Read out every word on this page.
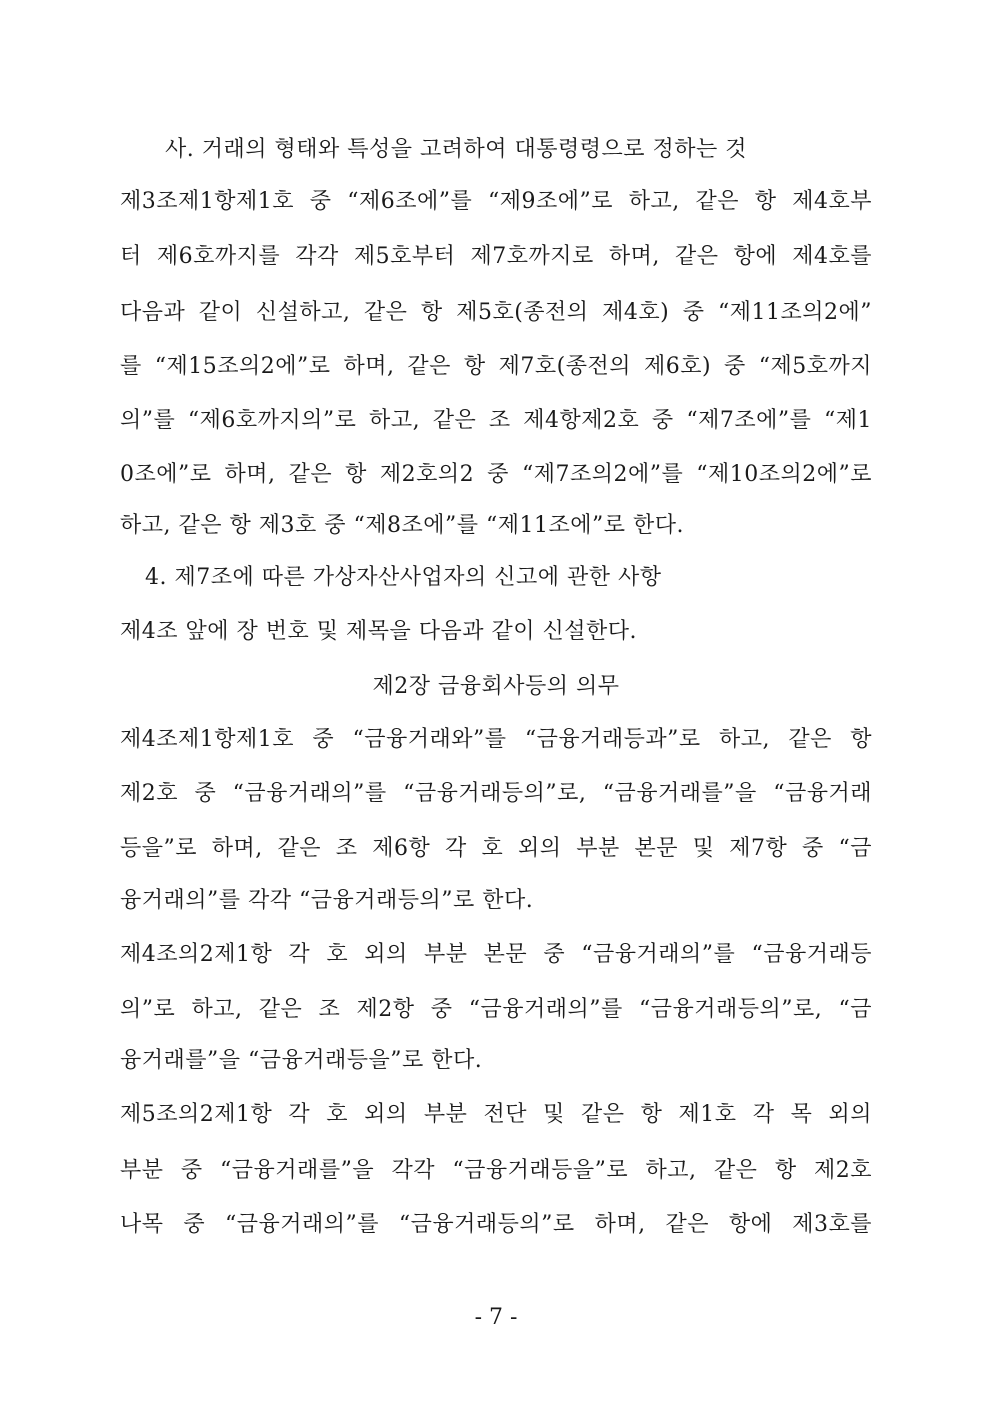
사. 거래의 형태와 특성을 고려하여 대통령령으로 정하는 것
제3조제1항제1호 중 “제6조에”를 “제9조에”로 하고, 같은 항 제4호부
터 제6호까지를 각각 제5호부터 제7호까지로 하며, 같은 항에 제4호를
다음과 같이 신설하고, 같은 항 제5호(종전의 제4호) 중 “제11조의2에”
를 “제15조의2에”로 하며, 같은 항 제7호(종전의 제6호) 중 “제5호까지
의”를 “제6호까지의”로 하고, 같은 조 제4항제2호 중 “제7조에”를 “제1
0조에”로 하며, 같은 항 제2호의2 중 “제7조의2에”를 “제10조의2에”로
하고, 같은 항 제3호 중 “제8조에”를 “제11조에”로 한다.
4. 제7조에 따른 가상자산사업자의 신고에 관한 사항
제4조 앞에 장 번호 및 제목을 다음과 같이 신설한다.
제2장 금융회사등의 의무
제4조제1항제1호 중 “금융거래와”를 “금융거래등과”로 하고, 같은 항
제2호 중 “금융거래의”를 “금융거래등의”로, “금융거래를”을 “금융거래
등을”로 하며, 같은 조 제6항 각 호 외의 부분 본문 및 제7항 중 “금
융거래의”를 각각 “금융거래등의”로 한다.
제4조의2제1항 각 호 외의 부분 본문 중 “금융거래의”를 “금융거래등
의”로 하고, 같은 조 제2항 중 “금융거래의”를 “금융거래등의”로, “금
융거래를”을 “금융거래등을”로 한다.
제5조의2제1항 각 호 외의 부분 전단 및 같은 항 제1호 각 목 외의
부분 중 “금융거래를”을 각각 “금융거래등을”로 하고, 같은 항 제2호
나목 중 “금융거래의”를 “금융거래등의”로 하며, 같은 항에 제3호를
- 7 -
